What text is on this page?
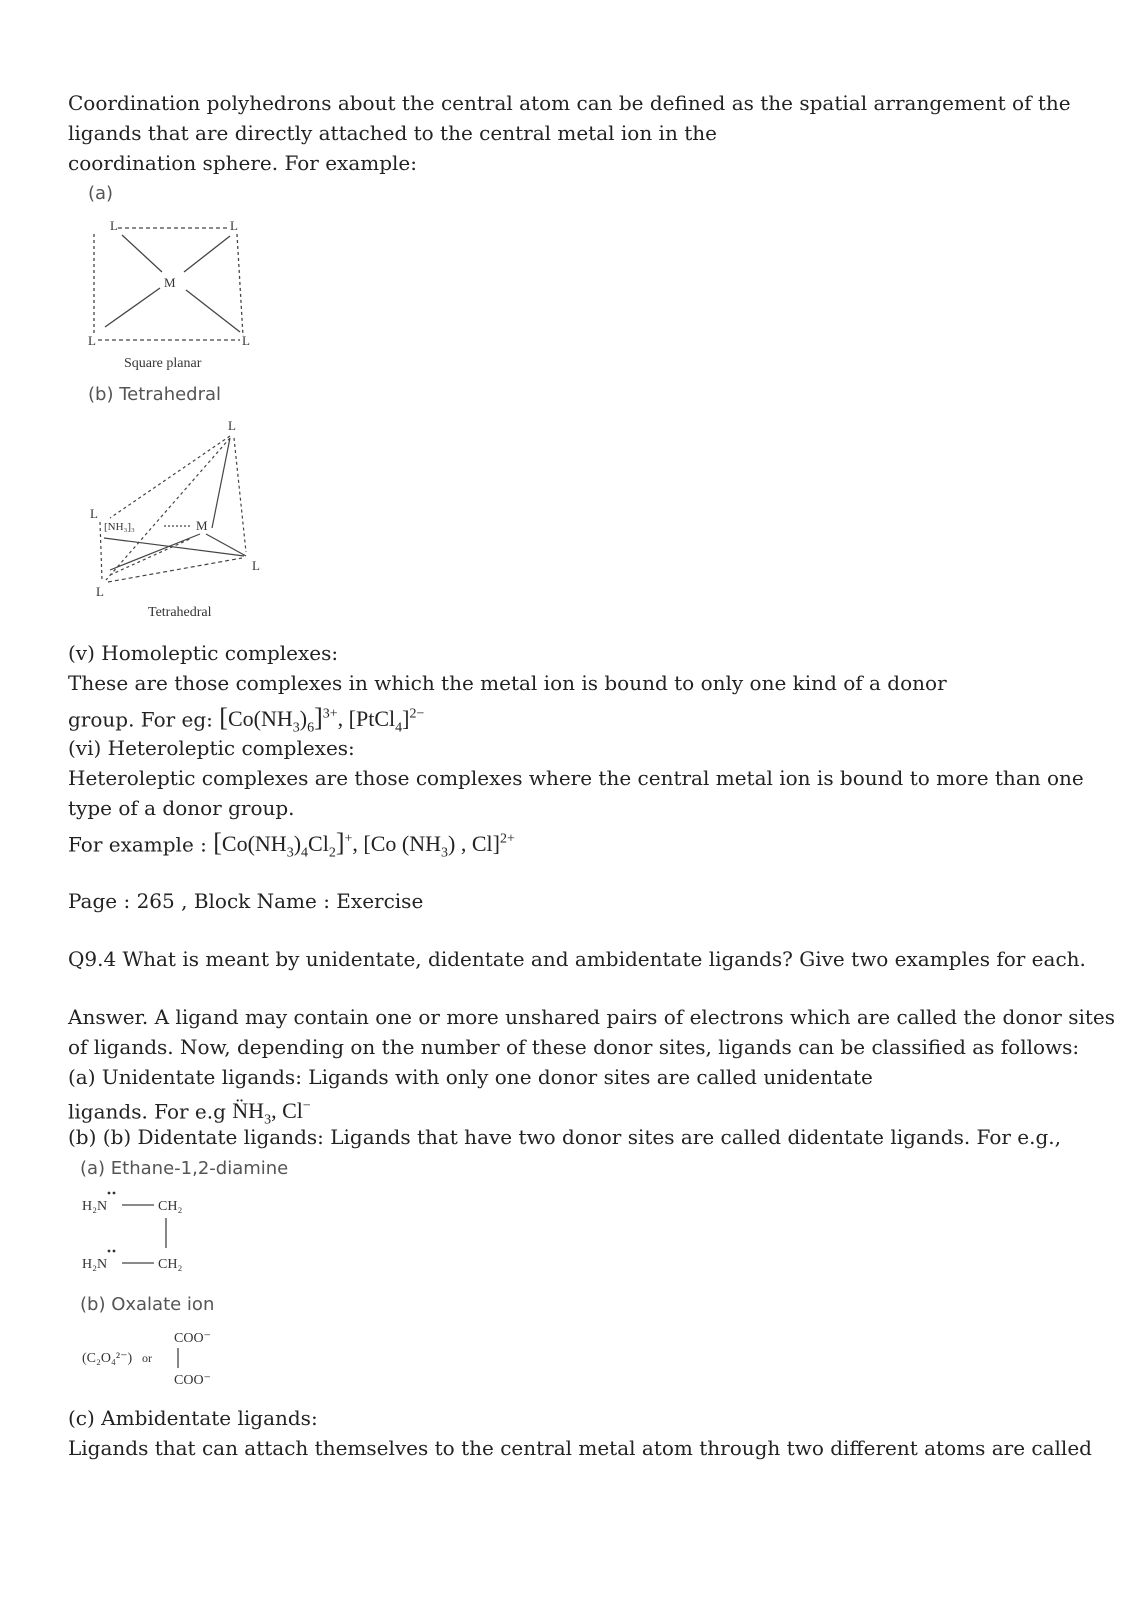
Coordination polyhedrons about the central atom can be defined as the spatial arrangement of the

ligands that are directly attached to the central metal ion in the

coordination sphere. For example:

(a)
L	L
L	L
M
Square planar
(b) Tetrahedral
L
L
L
L
[NH₃]₃	M
Tetrahedral

(v) Homoleptic complexes:

These are those complexes in which the metal ion is bound to only one kind of a donor

group. For eg: $[Co(NH_3)_6]^{3+}$, [PtCl$_4$]$^{2-}$

(vi) Heteroleptic complexes:

Heteroleptic complexes are those complexes where the central metal ion is bound to more than one

type of a donor group.

For example : $[Co(NH_3)_4Cl_2]^+$, [Co $(NH_3)$ , Cl]$^{2+}$

Page : 265 , Block Name : Exercise

Q9.4 What is meant by unidentate, didentate and ambidentate ligands? Give two examples for each.

Answer. A ligand may contain one or more unshared pairs of electrons which are called the donor sites

of ligands. Now, depending on the number of these donor sites, ligands can be classified as follows:

(a) Unidentate ligands: Ligands with only one donor sites are called unidentate

ligands. For e.g $N̈H_3$, Cl−

(b) (b) Didentate ligands: Ligands that have two donor sites are called didentate ligands. For e.g.,

(a) Ethane-1,2-diamine
H₂N	CH₂
H₂N	CH₂
(b) Oxalate ion
(C₂O₄²⁻) or
COO⁻
COO⁻

(c) Ambidentate ligands:

Ligands that can attach themselves to the central metal atom through two different atoms are called
